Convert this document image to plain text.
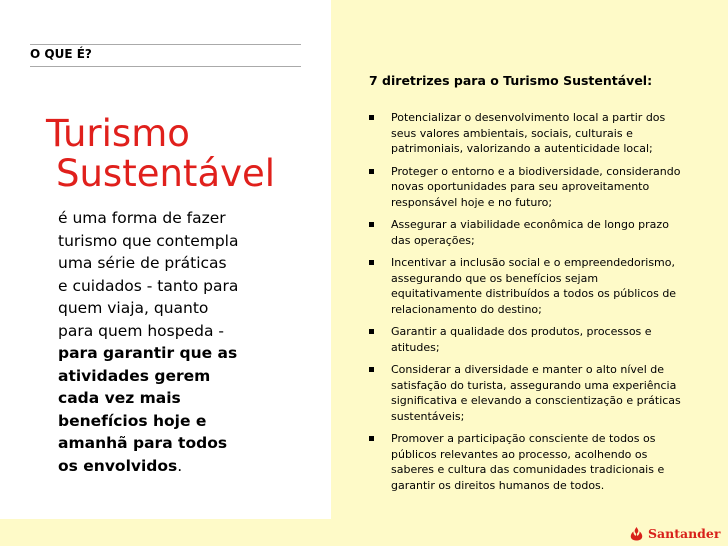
O QUE É?
Turismo
Sustentável
é uma forma de fazer
turismo que contempla
uma série de práticas
e cuidados - tanto para
quem viaja, quanto
para quem hospeda -
para garantir que as
atividades gerem
cada vez mais
benefícios hoje e
amanhã para todos
os envolvidos.
7 diretrizes para o Turismo Sustentável:
Potencializar o desenvolvimento local a partir dos seus valores ambientais, sociais, culturais e patrimoniais, valorizando a autenticidade local;
Proteger o entorno e a biodiversidade, considerando novas oportunidades para seu aproveitamento responsável hoje e no futuro;
Assegurar a viabilidade econômica de longo prazo das operações;
Incentivar a inclusão social e o empreendedorismo, assegurando que os benefícios sejam equitativamente distribuídos a todos os públicos de relacionamento do destino;
Garantir a qualidade dos produtos, processos e atitudes;
Considerar a diversidade e manter o alto nível de satisfação do turista, assegurando uma experiência significativa e elevando a conscientização e práticas sustentáveis;
Promover a participação consciente de todos os públicos relevantes ao processo, acolhendo os saberes e cultura das comunidades tradicionais e garantir os direitos humanos de todos.
Santander
